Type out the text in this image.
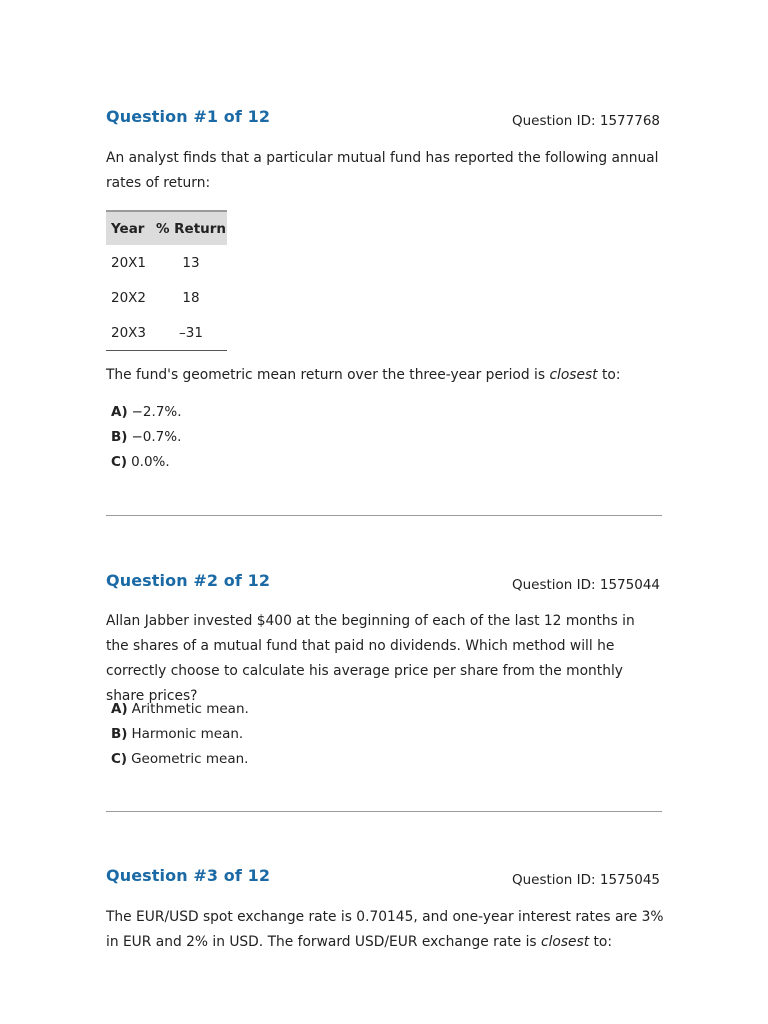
Question #1 of 12	Question ID: 1577768

An analyst finds that a particular mutual fund has reported the following annual rates of return:

Year	% Return
20X1	13
20X2	18
20X3	–31

The fund's geometric mean return over the three-year period is closest to:

A) −2.7%.
B) −0.7%.
C) 0.0%.
Question #2 of 12	Question ID: 1575044

Allan Jabber invested $400 at the beginning of each of the last 12 months in the shares of a mutual fund that paid no dividends. Which method will he correctly choose to calculate his average price per share from the monthly share prices?

A) Arithmetic mean.
B) Harmonic mean.
C) Geometric mean.
Question #3 of 12	Question ID: 1575045

The EUR/USD spot exchange rate is 0.70145, and one-year interest rates are 3% in EUR and 2% in USD. The forward USD/EUR exchange rate is closest to:
